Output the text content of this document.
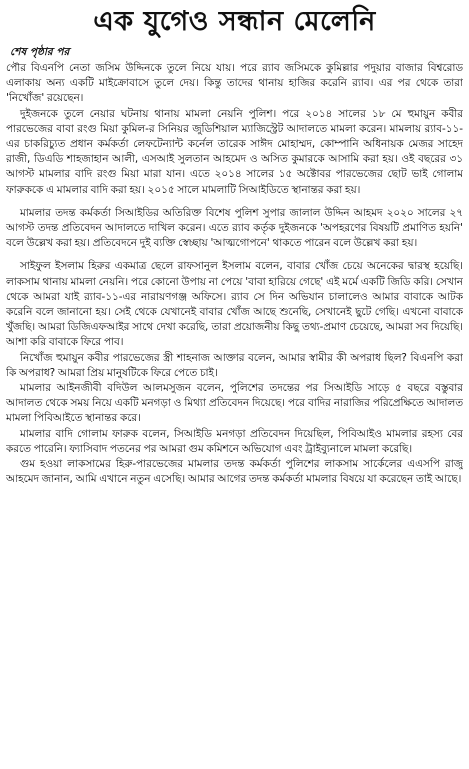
এক যুগেও সন্ধান মেলেনি
শেষ পৃষ্ঠার পর

পৌর বিএনপি নেতা জসিম উদ্দিনকে তুলে নিয়ে যায়। পরে র‍্যাব জসিমকে কুমিল্লার পদুয়ার বাজার বিশ্বরোড এলাকায় অন্য একটি মাইক্রোবাসে তুলে দেয়। কিন্তু তাদের থানায় হাজির করেনি র‍্যাব। এর পর থেকে তারা 'নিখোঁজ' রয়েছেন।

দুইজনকে তুলে নেয়ার ঘটনায় থানায় মামলা নেয়নি পুলিশ। পরে ২০১৪ সালের ১৮ মে হুমায়ুন কবীর পারভেজের বাবা রংগু মিয়া কুমিল-র সিনিয়র জুডিশিয়াল ম্যাজিস্ট্রেট আদালতে মামলা করেন। মামলায় র‍্যাব-১১-এর চাকরিচ্যুত প্রধান কর্মকর্তা লেফটেন্যান্ট কর্নেল তারেক সাঈদ মোহাম্মদ, কোম্পানি অধিনায়ক মেজর সাহেদ রাজী, ডিএডি শাহজাহান আলী, এসআই সুলতান আহমেদ ও অসিত কুমারকে আসামি করা হয়। ওই বছরের ৩১ আগস্ট মামলার বাদি রংগু মিয়া মারা যান। এতে ২০১৪ সালের ১৫ অক্টোবর পারভেজের ছোট ভাই গোলাম ফারুককে এ মামলার বাদি করা হয়। ২০১৫ সালে মামলাটি সিআইডিতে স্থানান্তর করা হয়।

মামলার তদন্ত কর্মকর্তা সিআইডির অতিরিক্ত বিশেষ পুলিশ সুপার জালাল উদ্দিন আহমদ ২০২০ সালের ২৭ আগস্ট তদন্ত প্রতিবেদন আদালতে দাখিল করেন। এতে র‍্যাব কর্তৃক দুইজনকে 'অপহরণের বিষয়টি প্রমাণিত হয়নি' বলে উল্লেখ করা হয়। প্রতিবেদনে দুই ব্যক্তি স্বেচ্ছায় 'আত্মগোপনে' থাকতে পারেন বলে উল্লেখ করা হয়।

সাইফুল ইসলাম হিরুর একমাত্র ছেলে রাফসানুল ইসলাম বলেন, বাবার খোঁজ চেয়ে অনেকের দ্বারস্থ হয়েছি। লাকসাম থানায় মামলা নেয়নি। পরে কোনো উপায় না পেয়ে 'বাবা হারিয়ে গেছে' এই মর্মে একটি জিডি করি। সেখান থেকে আমরা যাই র‍্যাব-১১-এর নারায়ণগঞ্জ অফিসে। র‍্যাব সে দিন অভিযান চালালেও আমার বাবাকে আটক করেনি বলে জানানো হয়। সেই থেকে যেখানেই বাবার খোঁজ আছে শুনেছি, সেখানেই ছুটে গেছি। এখনো বাবাকে খুঁজছি। আমরা ডিজিএফআইর সাথে দেখা করেছি, তারা প্রয়োজনীয় কিছু তথ্য-প্রমাণ চেয়েছে, আমরা সব দিয়েছি। আশা করি বাবাকে ফিরে পাব।

নিখোঁজ হুমায়ুন কবীর পারভেজের স্ত্রী শাহনাজ আক্তার বলেন, আমার স্বামীর কী অপরাধ ছিল? বিএনপি করা কি অপরাধ? আমরা প্রিয় মানুষটিকে ফিরে পেতে চাই।

মামলার আইনজীবী বদিউল আলমসুজন বলেন, পুলিশের তদন্তের পর সিআইডি সাড়ে ৫ বছরে বস্তুবার আদালত থেকে সময় নিয়ে একটি মনগড়া ও মিথ্যা প্রতিবেদন দিয়েছে। পরে বাদির নারাজির পরিপ্রেক্ষিতে আদালত মামলা পিবিআইতে স্থানান্তর করে।

মামলার বাদি গোলাম ফারুক বলেন, সিআইডি মনগড়া প্রতিবেদন দিয়েছিল, পিবিআইও মামলার রহস্য বের করতে পারেনি। ফ্যাসিবাদ পতনের পর আমরা গুম কমিশনে অভিযোগ এবং ট্রাইব্যুনালে মামলা করেছি।

গুম হওয়া লাকসামের হিরু-পারভেজের মামলার তদন্ত কর্মকর্তা পুলিশের লাকসাম সার্কেলের এএসপি রাজু আহমেদ জানান, আমি এখানে নতুন এসেছি। আমার আগের তদন্ত কর্মকর্তা মামলার বিষয়ে যা করেছেন তাই আছে।
